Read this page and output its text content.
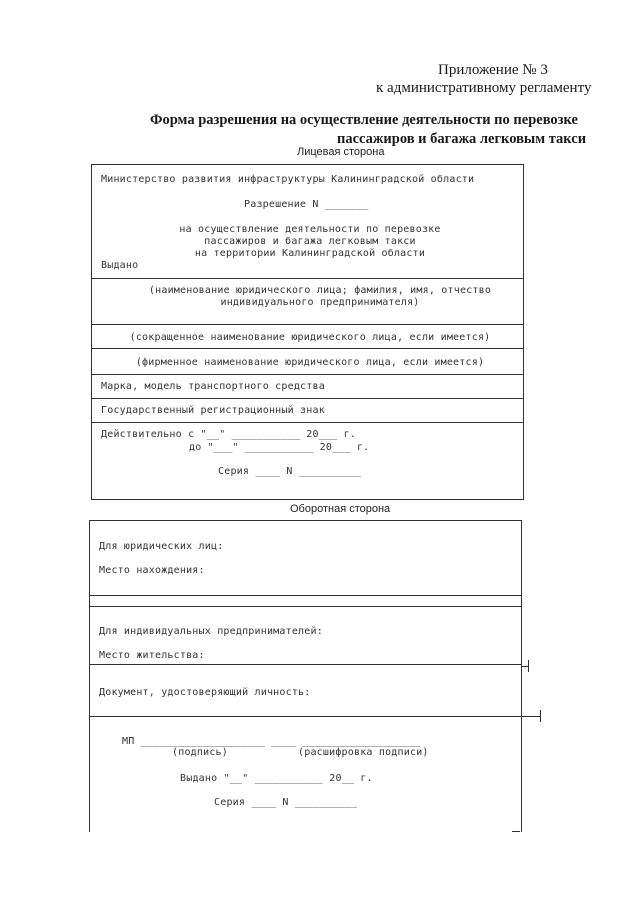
Приложение № 3
к административному регламенту
Форма разрешения на осуществление деятельности по перевозке
пассажиров и багажа легковым такси
Лицевая сторона
Министерство развития инфраструктуры Калининградской области
Разрешение N _______
на осуществление деятельности по перевозке
пассажиров и багажа легковым такси
на территории Калининградской области
Выдано
(наименование юридического лица; фамилия, имя, отчество
индивидуального предпринимателя)
(сокращенное наименование юридического лица, если имеется)
(фирменное наименование юридического лица, если имеется)
Марка, модель транспортного средства
Государственный регистрационный знак
Действительно с "__" ___________ 20___ г.
до "___" ___________ 20___ г.
Серия ____ N __________
Оборотная сторона
Для юридических лиц:
Место нахождения:
Для индивидуальных предпринимателей:
Место жительства:
Документ, удостоверяющий личность:
МП ____________________ ____ ___________________
(подпись)	(расшифровка подписи)
Выдано "__" ___________ 20__ г.
Серия ____ N __________
